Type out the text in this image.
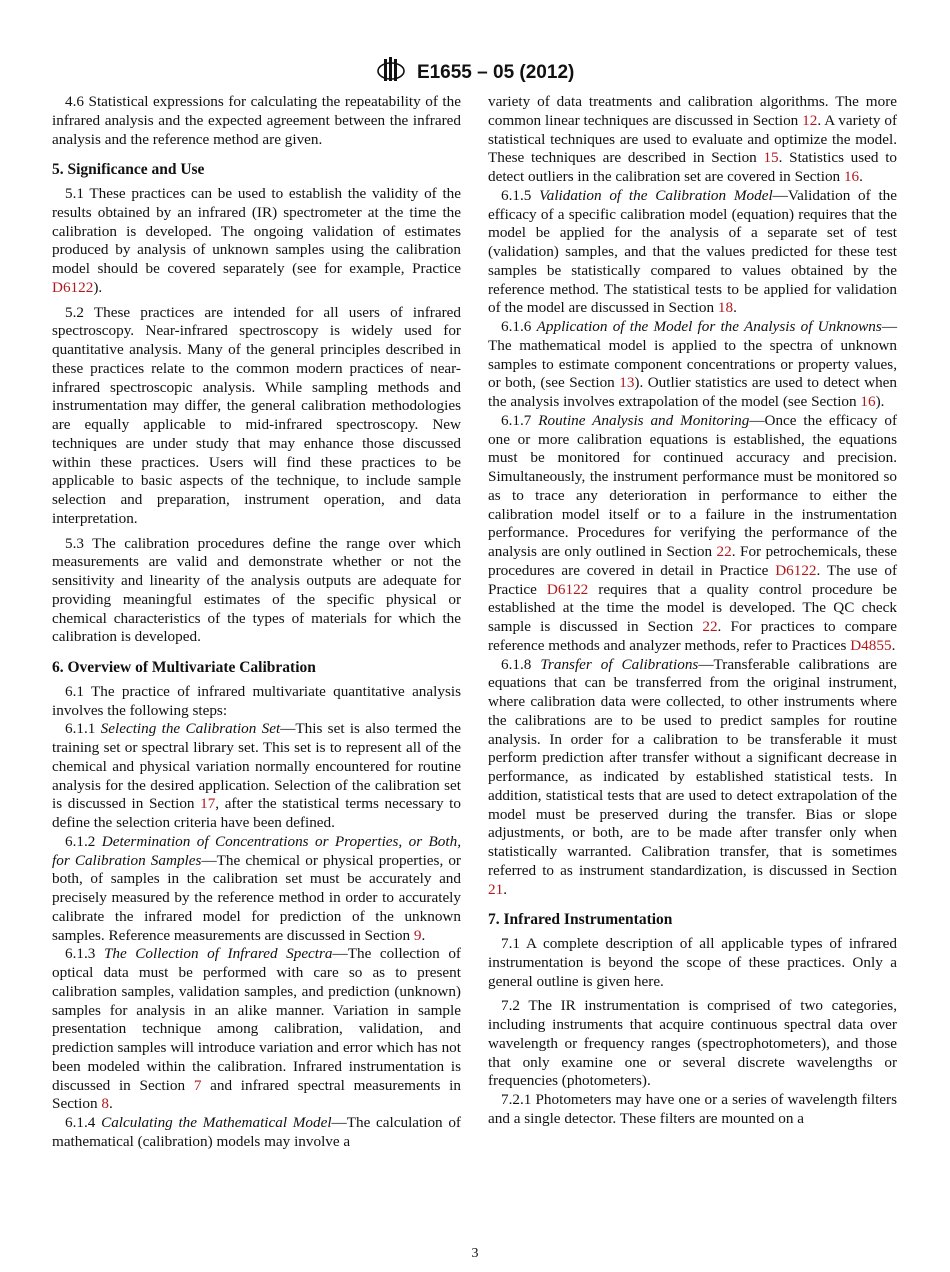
E1655 – 05 (2012)

4.6 Statistical expressions for calculating the repeatability of the infrared analysis and the expected agreement between the infrared analysis and the reference method are given.

5. Significance and Use

5.1 These practices can be used to establish the validity of the results obtained by an infrared (IR) spectrometer at the time the calibration is developed. The ongoing validation of estimates produced by analysis of unknown samples using the calibration model should be covered separately (see for example, Practice D6122).

5.2 These practices are intended for all users of infrared spectroscopy. Near-infrared spectroscopy is widely used for quantitative analysis. Many of the general principles described in these practices relate to the common modern practices of near-infrared spectroscopic analysis. While sampling methods and instrumentation may differ, the general calibration methodologies are equally applicable to mid-infrared spectroscopy. New techniques are under study that may enhance those discussed within these practices. Users will find these practices to be applicable to basic aspects of the technique, to include sample selection and preparation, instrument operation, and data interpretation.

5.3 The calibration procedures define the range over which measurements are valid and demonstrate whether or not the sensitivity and linearity of the analysis outputs are adequate for providing meaningful estimates of the specific physical or chemical characteristics of the types of materials for which the calibration is developed.

6. Overview of Multivariate Calibration

6.1 The practice of infrared multivariate quantitative analysis involves the following steps:

6.1.1 Selecting the Calibration Set—This set is also termed the training set or spectral library set. This set is to represent all of the chemical and physical variation normally encountered for routine analysis for the desired application. Selection of the calibration set is discussed in Section 17, after the statistical terms necessary to define the selection criteria have been defined.

6.1.2 Determination of Concentrations or Properties, or Both, for Calibration Samples—The chemical or physical properties, or both, of samples in the calibration set must be accurately and precisely measured by the reference method in order to accurately calibrate the infrared model for prediction of the unknown samples. Reference measurements are discussed in Section 9.

6.1.3 The Collection of Infrared Spectra—The collection of optical data must be performed with care so as to present calibration samples, validation samples, and prediction (unknown) samples for analysis in an alike manner. Variation in sample presentation technique among calibration, validation, and prediction samples will introduce variation and error which has not been modeled within the calibration. Infrared instrumentation is discussed in Section 7 and infrared spectral measurements in Section 8.

6.1.4 Calculating the Mathematical Model—The calculation of mathematical (calibration) models may involve a

variety of data treatments and calibration algorithms. The more common linear techniques are discussed in Section 12. A variety of statistical techniques are used to evaluate and optimize the model. These techniques are described in Section 15. Statistics used to detect outliers in the calibration set are covered in Section 16.

6.1.5 Validation of the Calibration Model—Validation of the efficacy of a specific calibration model (equation) requires that the model be applied for the analysis of a separate set of test (validation) samples, and that the values predicted for these test samples be statistically compared to values obtained by the reference method. The statistical tests to be applied for validation of the model are discussed in Section 18.

6.1.6 Application of the Model for the Analysis of Unknowns—The mathematical model is applied to the spectra of unknown samples to estimate component concentrations or property values, or both, (see Section 13). Outlier statistics are used to detect when the analysis involves extrapolation of the model (see Section 16).

6.1.7 Routine Analysis and Monitoring—Once the efficacy of one or more calibration equations is established, the equations must be monitored for continued accuracy and precision. Simultaneously, the instrument performance must be monitored so as to trace any deterioration in performance to either the calibration model itself or to a failure in the instrumentation performance. Procedures for verifying the performance of the analysis are only outlined in Section 22. For petrochemicals, these procedures are covered in detail in Practice D6122. The use of Practice D6122 requires that a quality control procedure be established at the time the model is developed. The QC check sample is discussed in Section 22. For practices to compare reference methods and analyzer methods, refer to Practices D4855.

6.1.8 Transfer of Calibrations—Transferable calibrations are equations that can be transferred from the original instrument, where calibration data were collected, to other instruments where the calibrations are to be used to predict samples for routine analysis. In order for a calibration to be transferable it must perform prediction after transfer without a significant decrease in performance, as indicated by established statistical tests. In addition, statistical tests that are used to detect extrapolation of the model must be preserved during the transfer. Bias or slope adjustments, or both, are to be made after transfer only when statistically warranted. Calibration transfer, that is sometimes referred to as instrument standardization, is discussed in Section 21.

7. Infrared Instrumentation

7.1 A complete description of all applicable types of infrared instrumentation is beyond the scope of these practices. Only a general outline is given here.

7.2 The IR instrumentation is comprised of two categories, including instruments that acquire continuous spectral data over wavelength or frequency ranges (spectrophotometers), and those that only examine one or several discrete wavelengths or frequencies (photometers).

7.2.1 Photometers may have one or a series of wavelength filters and a single detector. These filters are mounted on a

3
